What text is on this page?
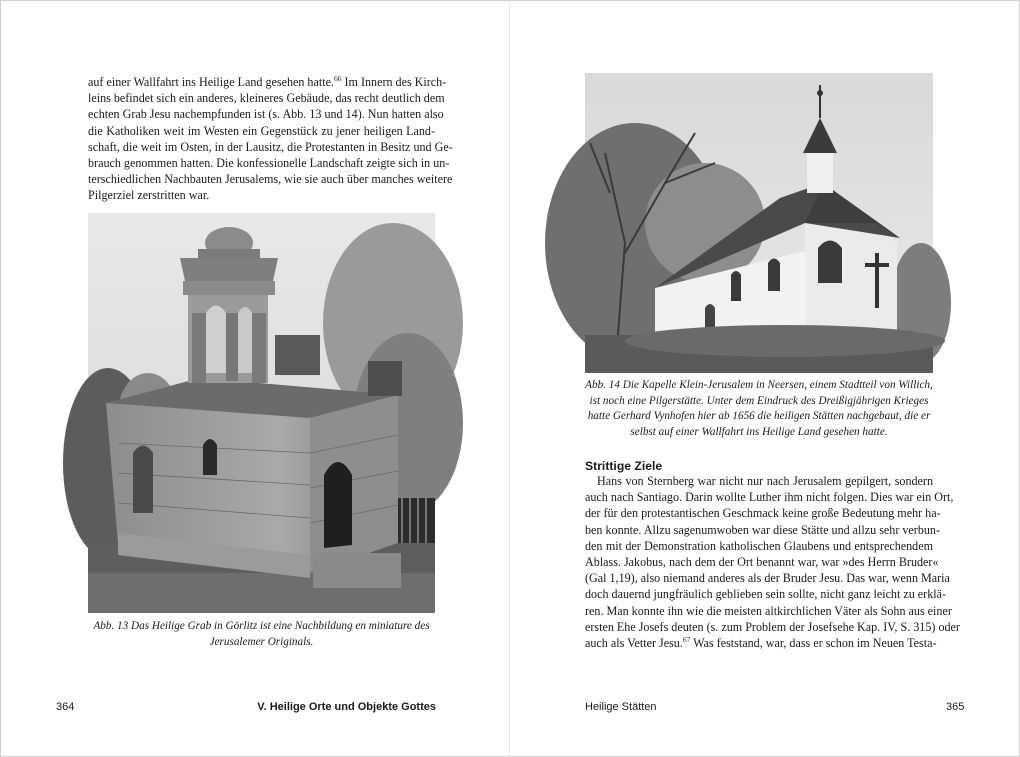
auf einer Wallfahrt ins Heilige Land gesehen hatte.$^{66}$ Im Innern des Kirch-
leins befindet sich ein anderes, kleineres Gebäude, das recht deutlich dem
echten Grab Jesu nachempfunden ist (s. Abb. 13 und 14). Nun hatten also
die Katholiken weit im Westen ein Gegenstück zu jener heiligen Land-
schaft, die weit im Osten, in der Lausitz, die Protestanten in Besitz und Ge-
brauch genommen hatten. Die konfessionelle Landschaft zeigte sich in un-
terschiedlichen Nachbauten Jerusalems, wie sie auch über manches weitere
Pilgerziel zerstritten war.

Abb. 13 Das Heilige Grab in Görlitz ist eine Nachbildung en miniature des
Jerusalemer Originals.

364	V. Heilige Orte und Objekte Gottes

Abb. 14 Die Kapelle Klein-Jerusalem in Neersen, einem Stadtteil von Willich,
ist noch eine Pilgerstätte. Unter dem Eindruck des Dreißigjährigen Krieges
hatte Gerhard Vynhofen hier ab 1656 die heiligen Stätten nachgebaut, die er
selbst auf einer Wallfahrt ins Heilige Land gesehen hatte.

Strittige Ziele
Hans von Sternberg war nicht nur nach Jerusalem gepilgert, sondern
auch nach Santiago. Darin wollte Luther ihm nicht folgen. Dies war ein Ort,
der für den protestantischen Geschmack keine große Bedeutung mehr ha-
ben konnte. Allzu sagenumwoben war diese Stätte und allzu sehr verbun-
den mit der Demonstration katholischen Glaubens und entsprechendem
Ablass. Jakobus, nach dem der Ort benannt war, war »des Herrn Bruder«
(Gal 1,19), also niemand anderes als der Bruder Jesu. Das war, wenn Maria
doch dauernd jungfräulich geblieben sein sollte, nicht ganz leicht zu erklä-
ren. Man konnte ihn wie die meisten altkirchlichen Väter als Sohn aus einer
ersten Ehe Josefs deuten (s. zum Problem der Josefsehe Kap. IV, S. 315) oder
auch als Vetter Jesu.$^{67}$ Was feststand, war, dass er schon im Neuen Testa-
Heilige Stätten	365
